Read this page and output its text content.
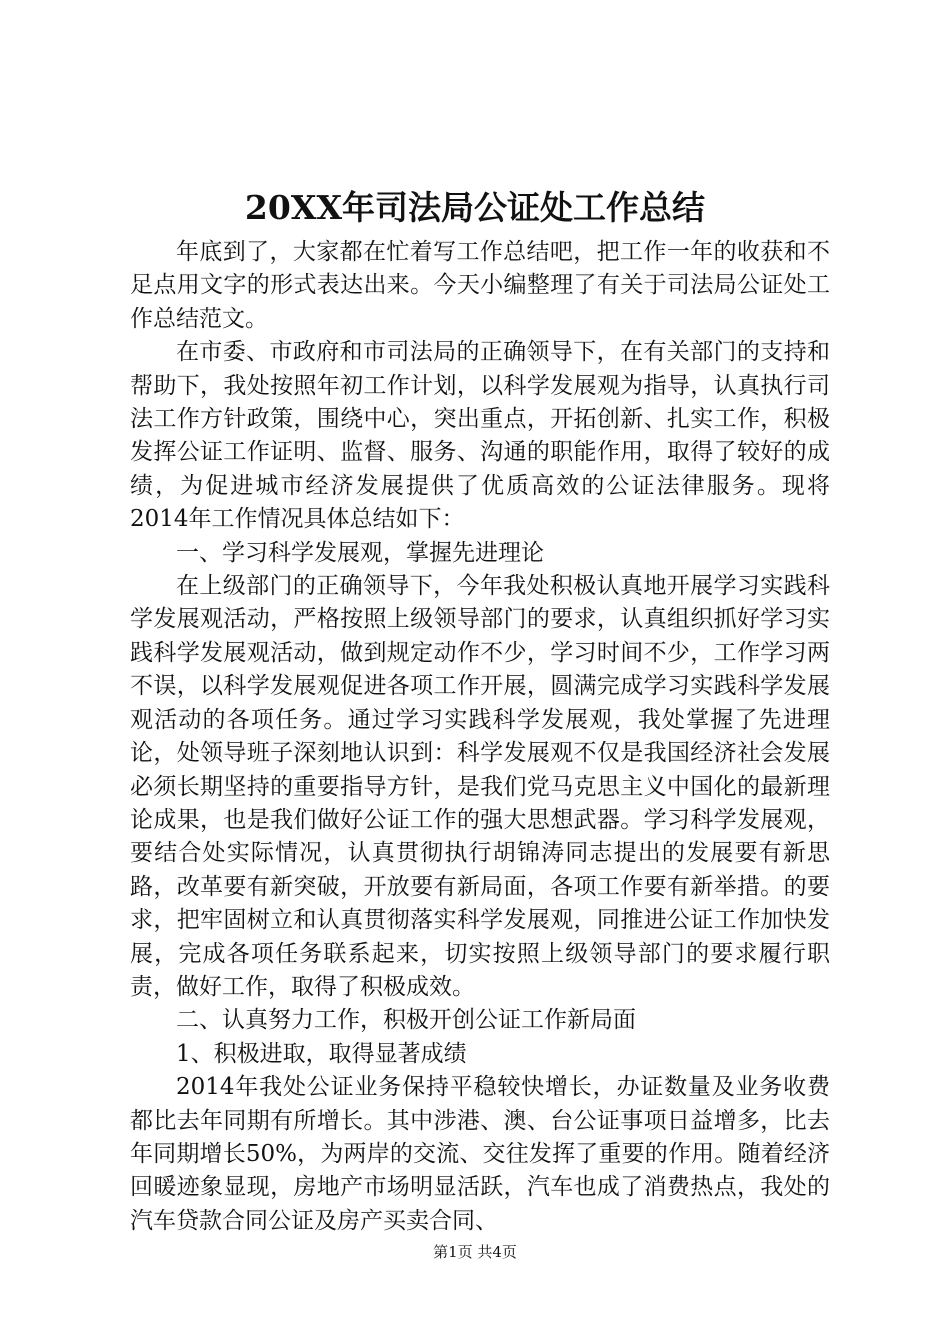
20XX年司法局公证处工作总结

年底到了，大家都在忙着写工作总结吧，把工作一年的收获和不足点用文字的形式表达出来。今天小编整理了有关于司法局公证处工作总结范文。

在市委、市政府和市司法局的正确领导下，在有关部门的支持和帮助下，我处按照年初工作计划，以科学发展观为指导，认真执行司法工作方针政策，围绕中心，突出重点，开拓创新、扎实工作，积极发挥公证工作证明、监督、服务、沟通的职能作用，取得了较好的成绩，为促进城市经济发展提供了优质高效的公证法律服务。现将2014年工作情况具体总结如下：

一、学习科学发展观，掌握先进理论

在上级部门的正确领导下，今年我处积极认真地开展学习实践科学发展观活动，严格按照上级领导部门的要求，认真组织抓好学习实践科学发展观活动，做到规定动作不少，学习时间不少，工作学习两不误，以科学发展观促进各项工作开展，圆满完成学习实践科学发展观活动的各项任务。通过学习实践科学发展观，我处掌握了先进理论，处领导班子深刻地认识到：科学发展观不仅是我国经济社会发展必须长期坚持的重要指导方针，是我们党马克思主义中国化的最新理论成果，也是我们做好公证工作的强大思想武器。学习科学发展观，要结合处实际情况，认真贯彻执行胡锦涛同志提出的发展要有新思路，改革要有新突破，开放要有新局面，各项工作要有新举措。的要求，把牢固树立和认真贯彻落实科学发展观，同推进公证工作加快发展，完成各项任务联系起来，切实按照上级领导部门的要求履行职责，做好工作，取得了积极成效。

二、认真努力工作，积极开创公证工作新局面

1、积极进取，取得显著成绩

2014年我处公证业务保持平稳较快增长，办证数量及业务收费都比去年同期有所增长。其中涉港、澳、台公证事项日益增多，比去年同期增长50%，为两岸的交流、交往发挥了重要的作用。随着经济回暖迹象显现，房地产市场明显活跃，汽车也成了消费热点，我处的汽车贷款合同公证及房产买卖合同、

第1页 共4页
